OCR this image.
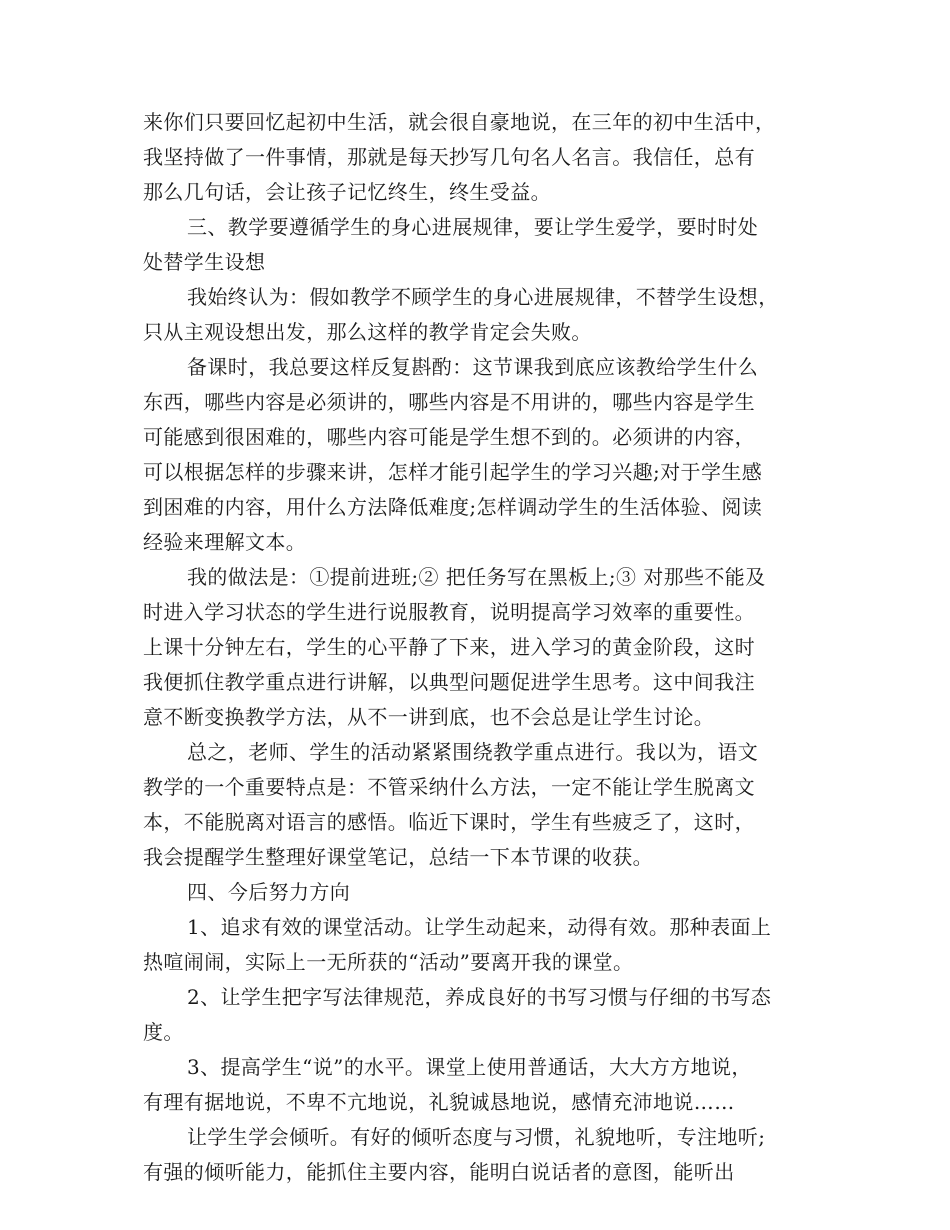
来你们只要回忆起初中生活，就会很自豪地说，在三年的初中生活中，
我坚持做了一件事情，那就是每天抄写几句名人名言。我信任，总有
那么几句话，会让孩子记忆终生，终生受益。
三、教学要遵循学生的身心进展规律，要让学生爱学，要时时处
处替学生设想
我始终认为：假如教学不顾学生的身心进展规律，不替学生设想，
只从主观设想出发，那么这样的教学肯定会失败。
备课时，我总要这样反复斟酌：这节课我到底应该教给学生什么
东西，哪些内容是必须讲的，哪些内容是不用讲的，哪些内容是学生
可能感到很困难的，哪些内容可能是学生想不到的。必须讲的内容，
可以根据怎样的步骤来讲，怎样才能引起学生的学习兴趣;对于学生感
到困难的内容，用什么方法降低难度;怎样调动学生的生活体验、阅读
经验来理解文本。
我的做法是：①提前进班;② 把任务写在黑板上;③ 对那些不能及
时进入学习状态的学生进行说服教育，说明提高学习效率的重要性。
上课十分钟左右，学生的心平静了下来，进入学习的黄金阶段，这时
我便抓住教学重点进行讲解，以典型问题促进学生思考。这中间我注
意不断变换教学方法，从不一讲到底，也不会总是让学生讨论。
总之，老师、学生的活动紧紧围绕教学重点进行。我以为，语文
教学的一个重要特点是：不管采纳什么方法，一定不能让学生脱离文
本，不能脱离对语言的感悟。临近下课时，学生有些疲乏了，这时，
我会提醒学生整理好课堂笔记，总结一下本节课的收获。
四、今后努力方向
1、追求有效的课堂活动。让学生动起来，动得有效。那种表面上
热喧闹闹，实际上一无所获的“活动”要离开我的课堂。
2、让学生把字写法律规范，养成良好的书写习惯与仔细的书写态
度。
3、提高学生“说”的水平。课堂上使用普通话，大大方方地说，
有理有据地说，不卑不亢地说，礼貌诚恳地说，感情充沛地说……
让学生学会倾听。有好的倾听态度与习惯，礼貌地听，专注地听;
有强的倾听能力，能抓住主要内容，能明白说话者的意图，能听出
